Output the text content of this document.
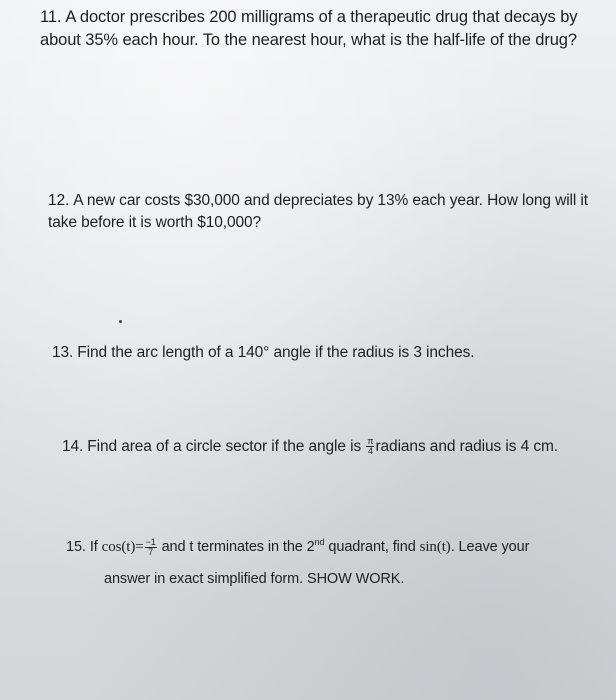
11. A doctor prescribes 200 milligrams of a therapeutic drug that decays by about 35% each hour. To the nearest hour, what is the half-life of the drug?
12. A new car costs $30,000 and depreciates by 13% each year. How long will it take before it is worth $10,000?
13. Find the arc length of a 140° angle if the radius is 3 inches.
14. Find area of a circle sector if the angle is $\frac{\pi}{4}$ radians and radius is 4 cm.
15. If $\cos(t)= \frac{-1}{7}$ and t terminates in the 2nd quadrant, find sin(t). Leave your
answer in exact simplified form. SHOW WORK.
